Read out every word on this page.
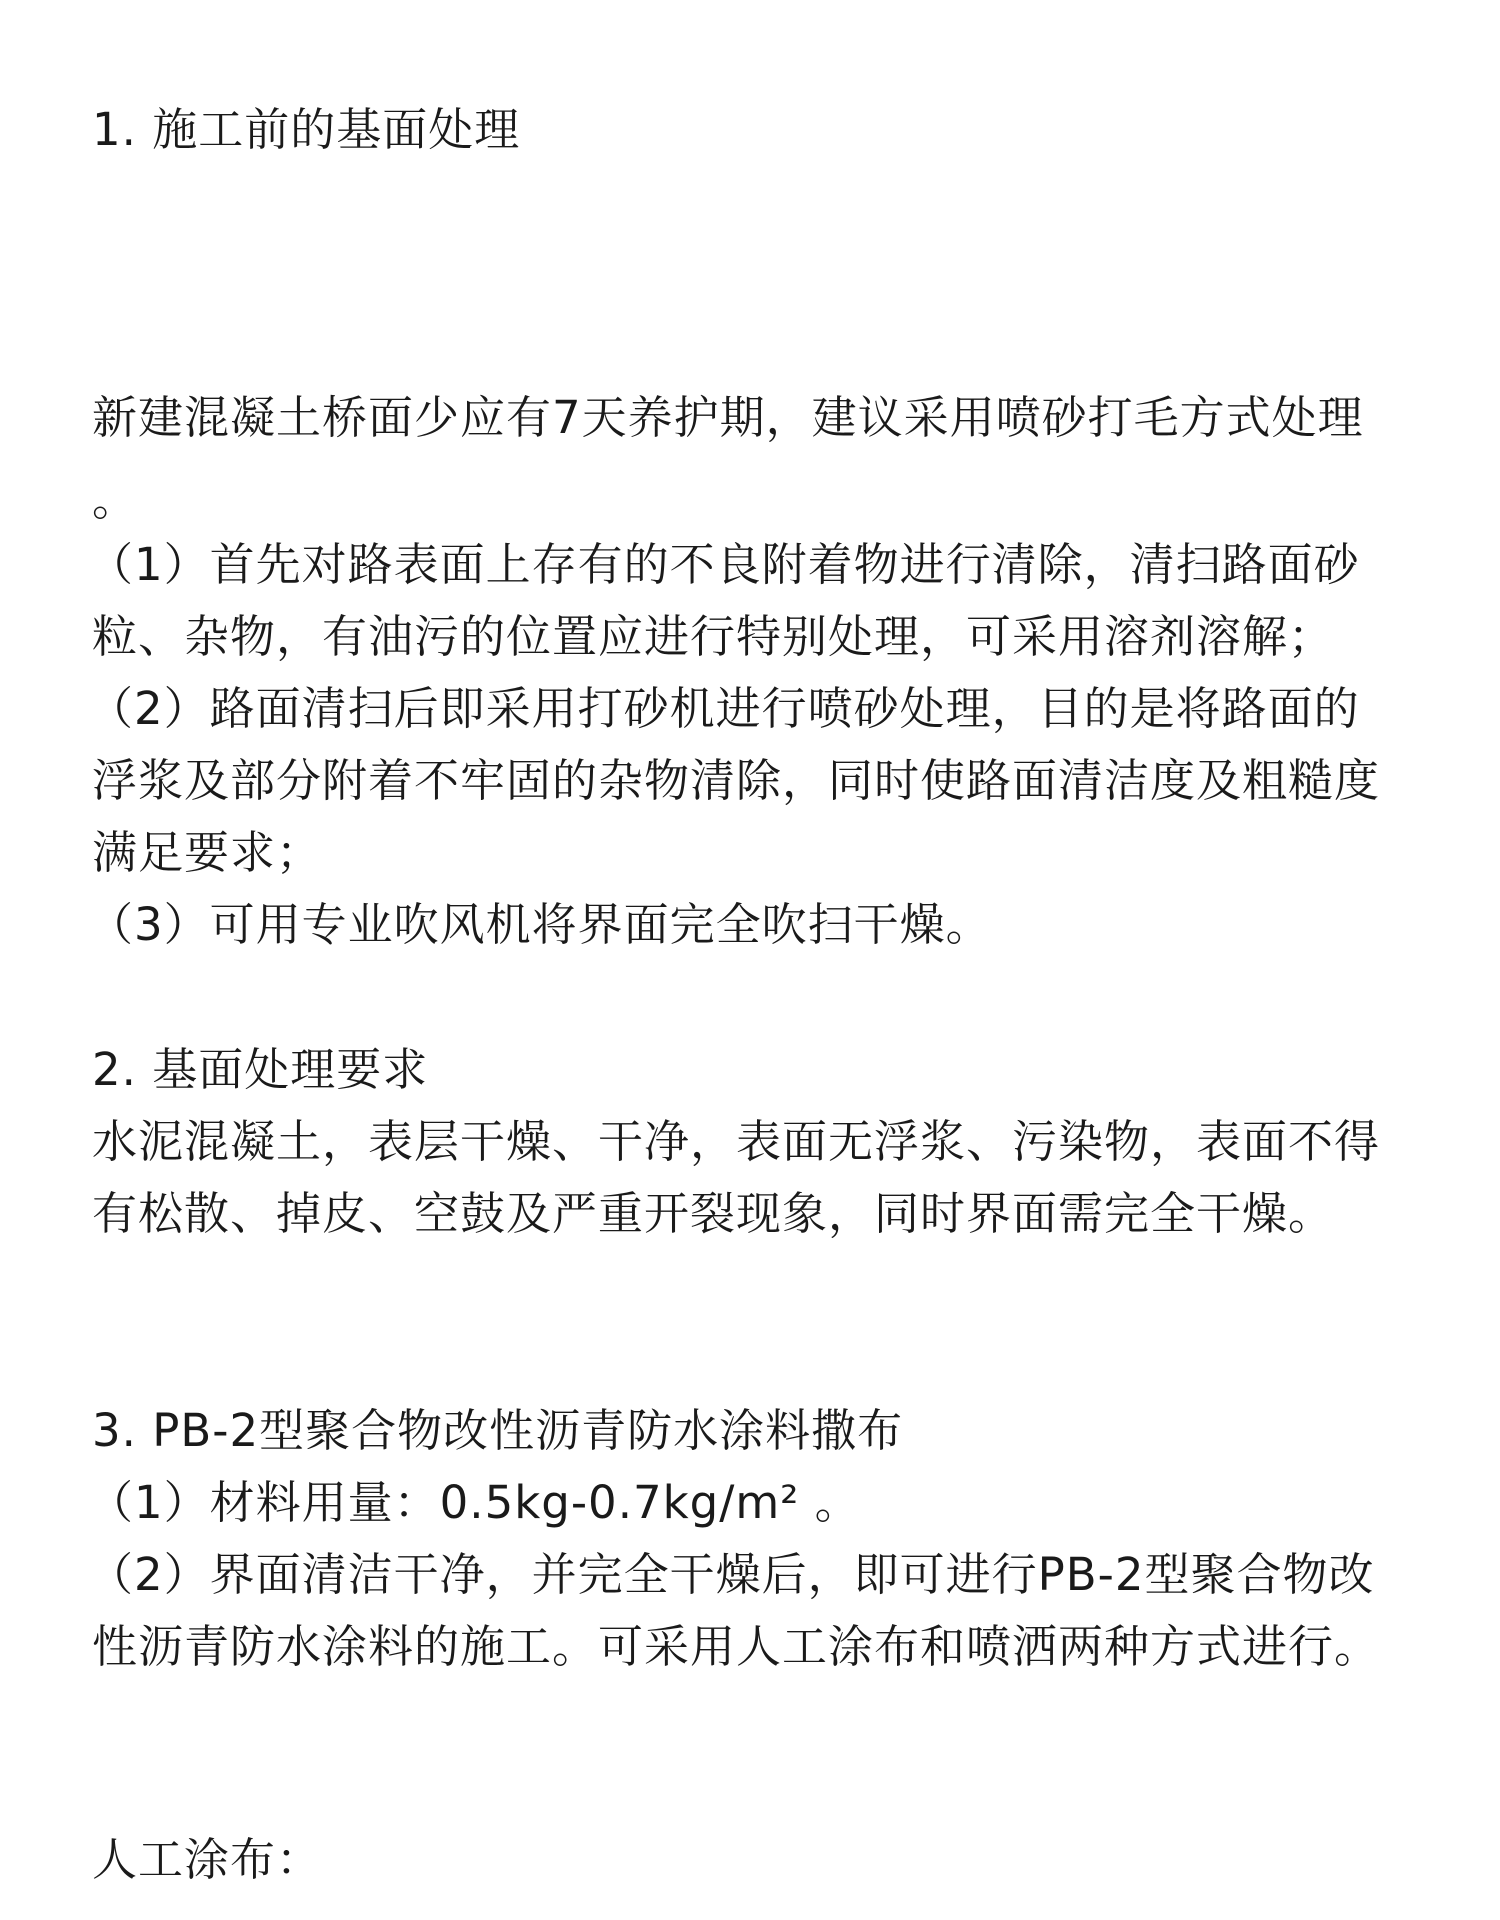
1. 施工前的基面处理

新建混凝土桥面少应有7天养护期，建议采用喷砂打毛方式处理

。

（1）首先对路表面上存有的不良附着物进行清除，清扫路面砂

粒、杂物，有油污的位置应进行特别处理，可采用溶剂溶解；

（2）路面清扫后即采用打砂机进行喷砂处理，目的是将路面的

浮浆及部分附着不牢固的杂物清除，同时使路面清洁度及粗糙度

满足要求；

（3）可用专业吹风机将界面完全吹扫干燥。

2. 基面处理要求

水泥混凝土，表层干燥、干净，表面无浮浆、污染物，表面不得

有松散、掉皮、空鼓及严重开裂现象，同时界面需完全干燥。

3. PB-2型聚合物改性沥青防水涂料撒布

（1）材料用量：0.5kg-0.7kg/m² 。

（2）界面清洁干净，并完全干燥后，即可进行PB-2型聚合物改

性沥青防水涂料的施工。可采用人工涂布和喷洒两种方式进行。

人工涂布：
